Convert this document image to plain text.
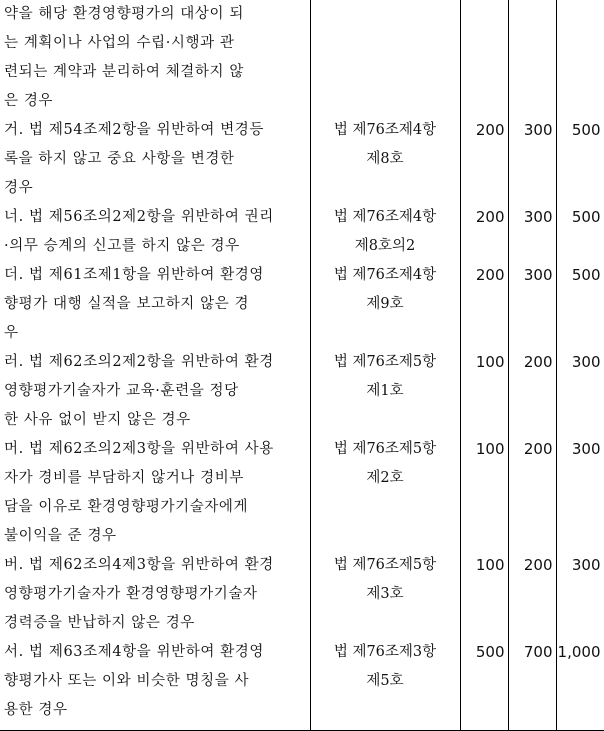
약을 해당 환경영향평가의 대상이 되
는 계획이나 사업의 수립·시행과 관
련되는 계약과 분리하여 체결하지 않
은 경우				

거. 법 제54조제2항을 위반하여 변경등
록을 하지 않고 중요 사항을 변경한
경우	법 제76조제4항
제8호	200	300	500

너. 법 제56조의2제2항을 위반하여 권리
·의무 승계의 신고를 하지 않은 경우	법 제76조제4항
제8호의2	200	300	500

더. 법 제61조제1항을 위반하여 환경영
향평가 대행 실적을 보고하지 않은 경
우	법 제76조제4항
제9호	200	300	500

러. 법 제62조의2제2항을 위반하여 환경
영향평가기술자가 교육·훈련을 정당
한 사유 없이 받지 않은 경우	법 제76조제5항
제1호	100	200	300

머. 법 제62조의2제3항을 위반하여 사용
자가 경비를 부담하지 않거나 경비부
담을 이유로 환경영향평가기술자에게
불이익을 준 경우	법 제76조제5항
제2호	100	200	300

버. 법 제62조의4제3항을 위반하여 환경
영향평가기술자가 환경영향평가기술자
경력증을 반납하지 않은 경우	법 제76조제5항
제3호	100	200	300

서. 법 제63조제4항을 위반하여 환경영
향평가사 또는 이와 비슷한 명칭을 사
용한 경우	법 제76조제3항
제5호	500	700	1,000
